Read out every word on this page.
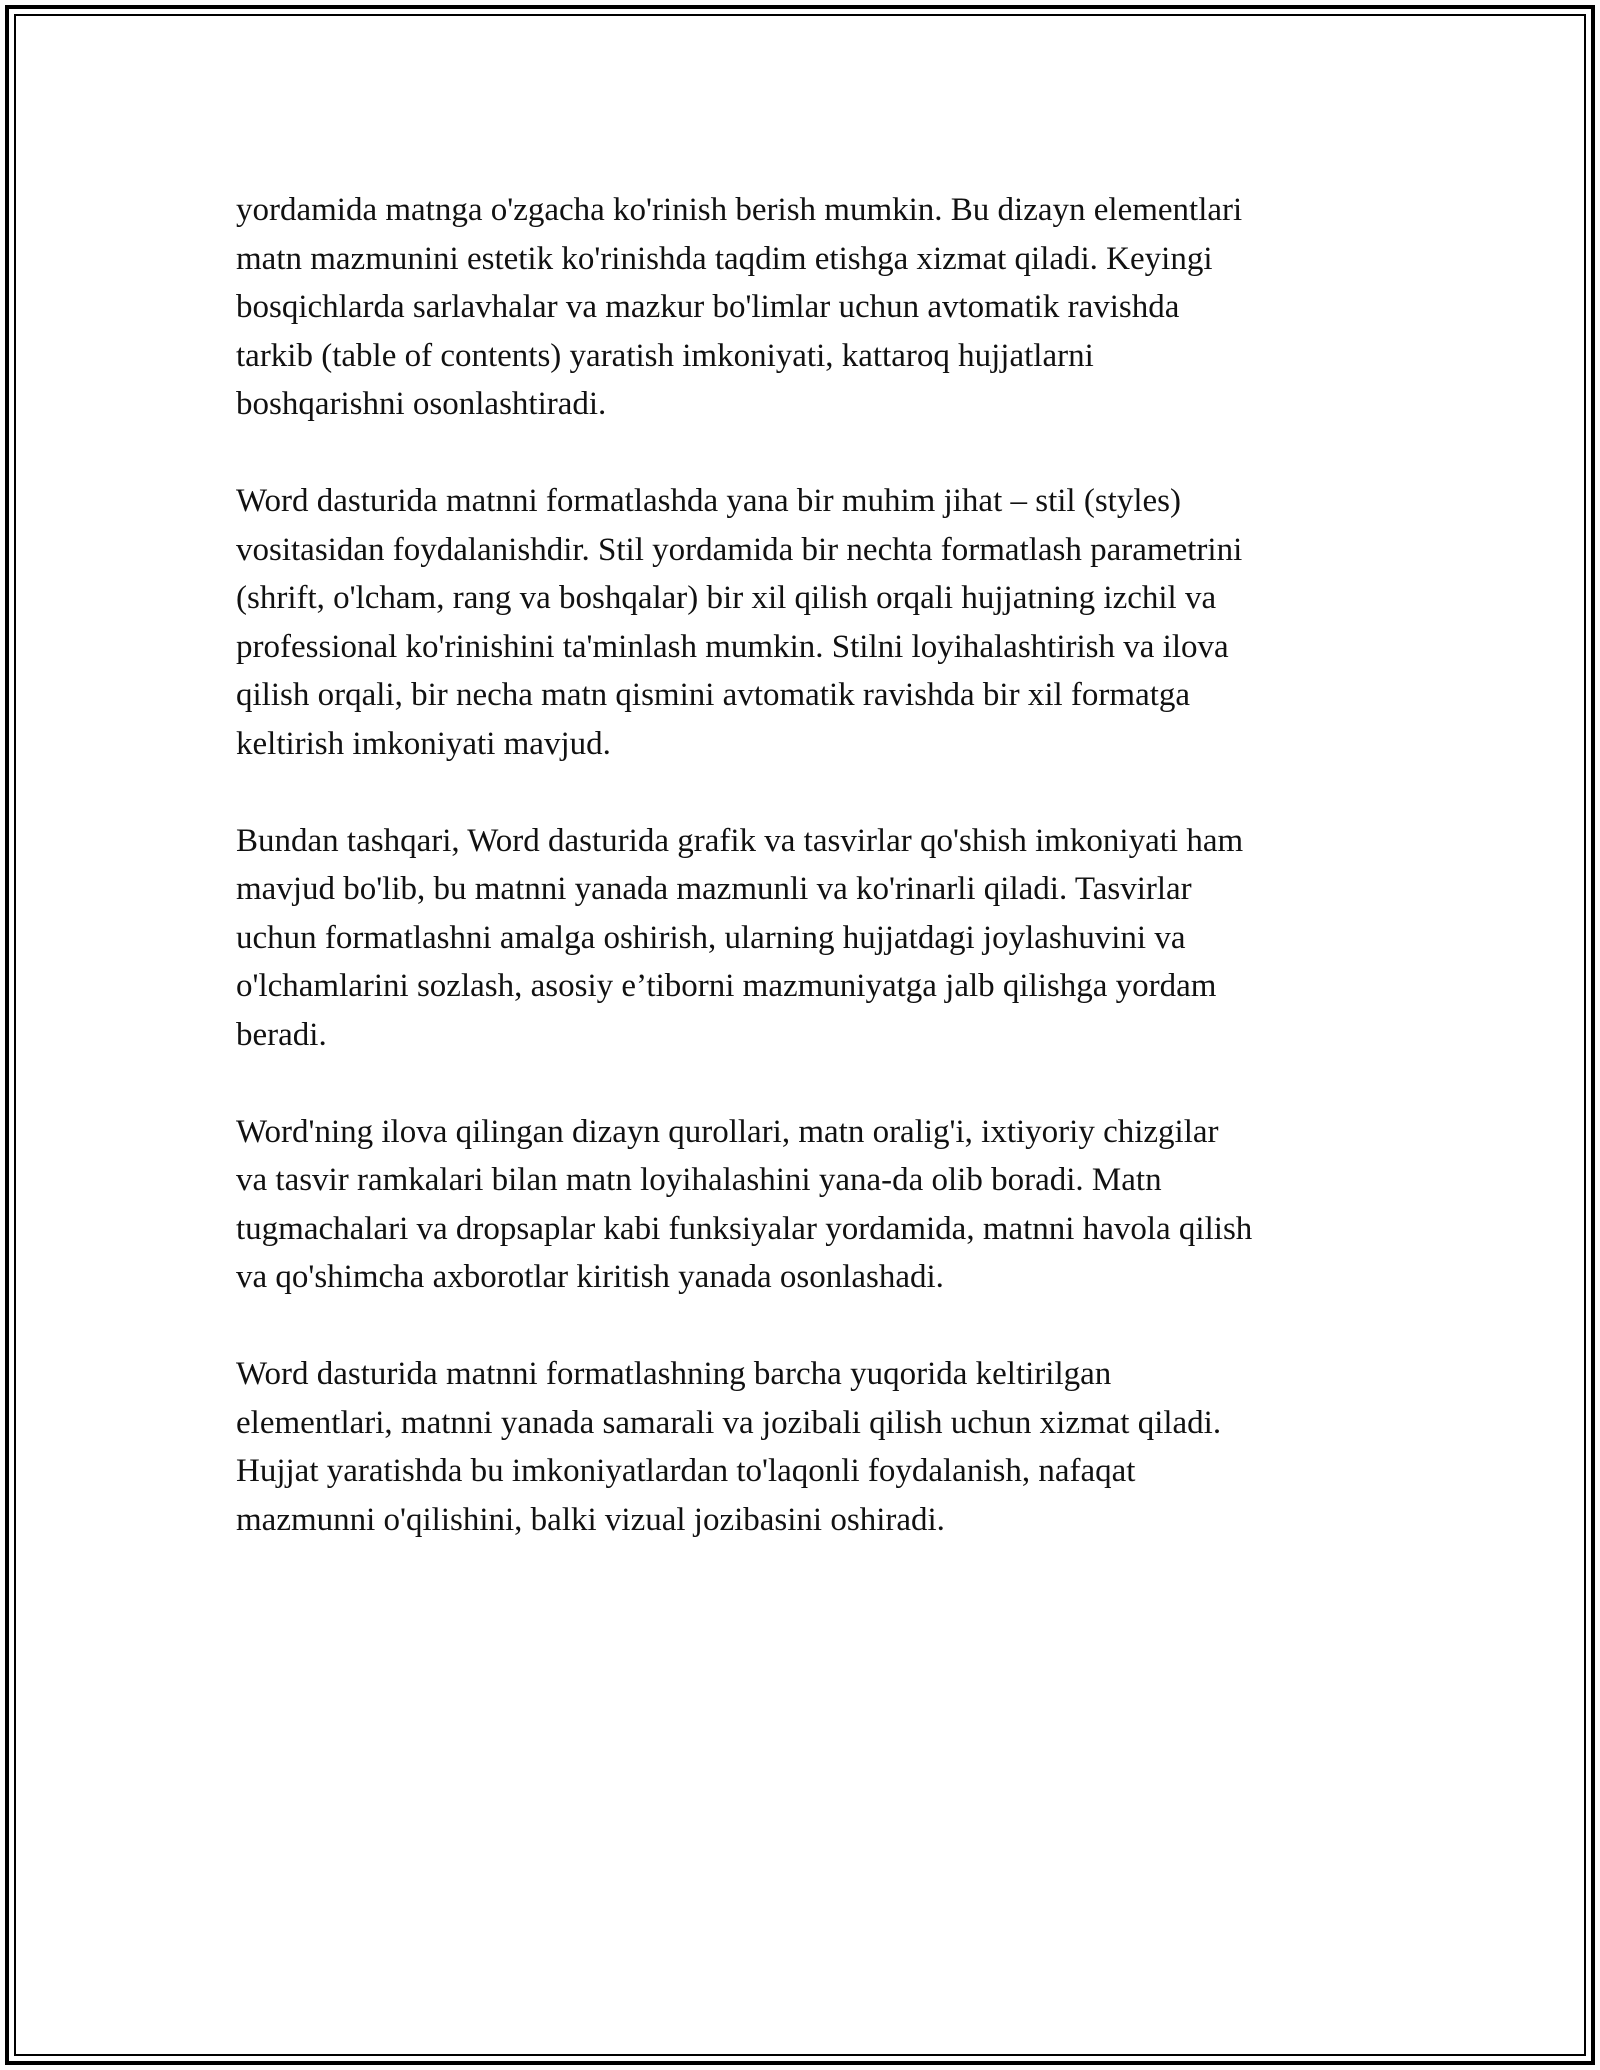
yordamida matnga o'zgacha ko'rinish berish mumkin. Bu dizayn elementlari
matn mazmunini estetik ko'rinishda taqdim etishga xizmat qiladi. Keyingi
bosqichlarda sarlavhalar va mazkur bo'limlar uchun avtomatik ravishda
tarkib (table of contents) yaratish imkoniyati, kattaroq hujjatlarni
boshqarishni osonlashtiradi.

Word dasturida matnni formatlashda yana bir muhim jihat – stil (styles)
vositasidan foydalanishdir. Stil yordamida bir nechta formatlash parametrini
(shrift, o'lcham, rang va boshqalar) bir xil qilish orqali hujjatning izchil va
professional ko'rinishini ta'minlash mumkin. Stilni loyihalashtirish va ilova
qilish orqali, bir necha matn qismini avtomatik ravishda bir xil formatga
keltirish imkoniyati mavjud.

Bundan tashqari, Word dasturida grafik va tasvirlar qo'shish imkoniyati ham
mavjud bo'lib, bu matnni yanada mazmunli va ko'rinarli qiladi. Tasvirlar
uchun formatlashni amalga oshirish, ularning hujjatdagi joylashuvini va
o'lchamlarini sozlash, asosiy e’tiborni mazmuniyatga jalb qilishga yordam
beradi.

Word'ning ilova qilingan dizayn qurollari, matn oralig'i, ixtiyoriy chizgilar
va tasvir ramkalari bilan matn loyihalashini yana-da olib boradi. Matn
tugmachalari va dropsaplar kabi funksiyalar yordamida, matnni havola qilish
va qo'shimcha axborotlar kiritish yanada osonlashadi.

Word dasturida matnni formatlashning barcha yuqorida keltirilgan
elementlari, matnni yanada samarali va jozibali qilish uchun xizmat qiladi.
Hujjat yaratishda bu imkoniyatlardan to'laqonli foydalanish, nafaqat
mazmunni o'qilishini, balki vizual jozibasini oshiradi.
